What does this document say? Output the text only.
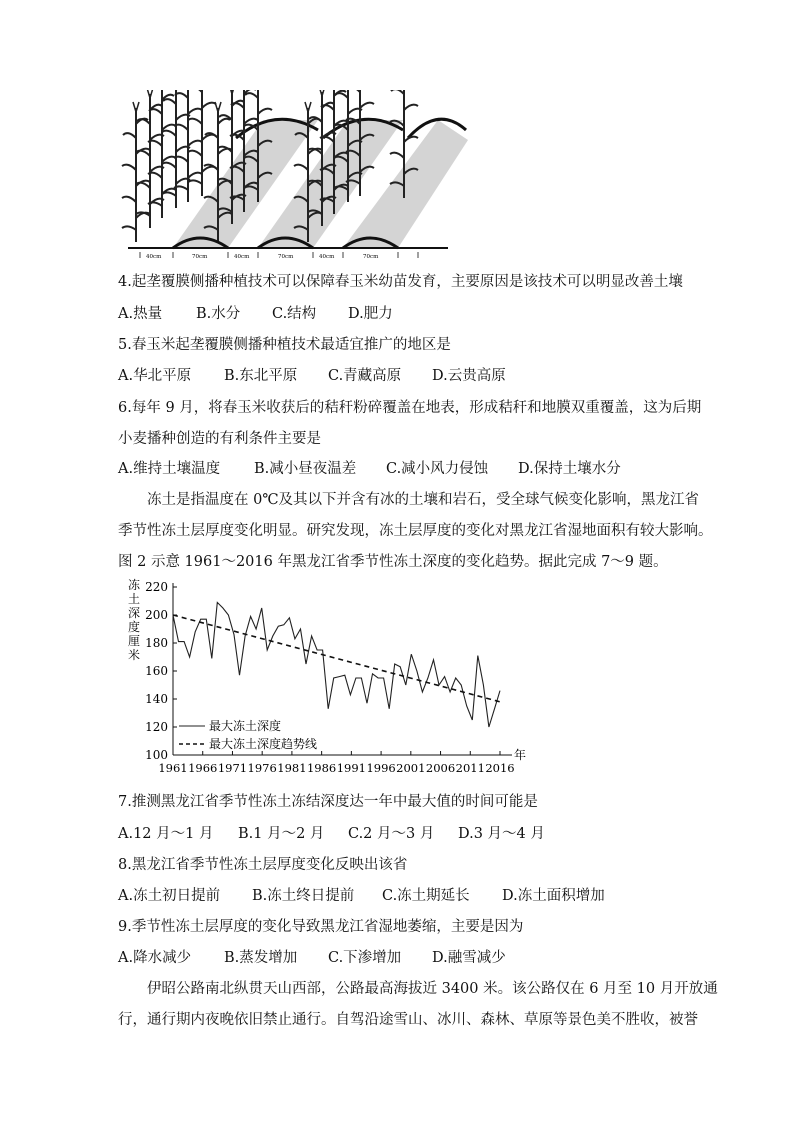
40cm	70cm	40cm	70cm	40cm	70cm
4.起垄覆膜侧播种植技术可以保障春玉米幼苗发育，主要原因是该技术可以明显改善土壤
A.热量 B.水分 C.结构 D.肥力
5.春玉米起垄覆膜侧播种植技术最适宜推广的地区是
A.华北平原 B.东北平原 C.青藏高原 D.云贵高原
6.每年 9 月，将春玉米收获后的秸秆粉碎覆盖在地表，形成秸秆和地膜双重覆盖，这为后期
小麦播种创造的有利条件主要是
A.维持土壤温度 B.减小昼夜温差 C.减小风力侵蚀 D.保持土壤水分
冻土是指温度在 0℃及其以下并含有冰的土壤和岩石，受全球气候变化影响，黑龙江省
季节性冻土层厚度变化明显。研究发现，冻土层厚度的变化对黑龙江省湿地面积有较大影响。
图 2 示意 1961～2016 年黑龙江省季节性冻土深度的变化趋势。据此完成 7～9 题。
冻
土
深
度
厘
米
年
100
120
140
160
180
200
220
1961 1966 1971 1976 1981 1986 1991 1996 2001 2006 2011 2016
最大冻土深度
最大冻土深度趋势线
7.推测黑龙江省季节性冻土冻结深度达一年中最大值的时间可能是
A.12 月～1 月 B.1 月～2 月 C.2 月～3 月 D.3 月～4 月
8.黑龙江省季节性冻土层厚度变化反映出该省
A.冻土初日提前 B.冻土终日提前 C.冻土期延长 D.冻土面积增加
9.季节性冻土层厚度的变化导致黑龙江省湿地萎缩，主要是因为
A.降水减少 B.蒸发增加 C.下渗增加 D.融雪减少
伊昭公路南北纵贯天山西部，公路最高海拔近 3400 米。该公路仅在 6 月至 10 月开放通
行，通行期内夜晚依旧禁止通行。自驾沿途雪山、冰川、森林、草原等景色美不胜收，被誉
